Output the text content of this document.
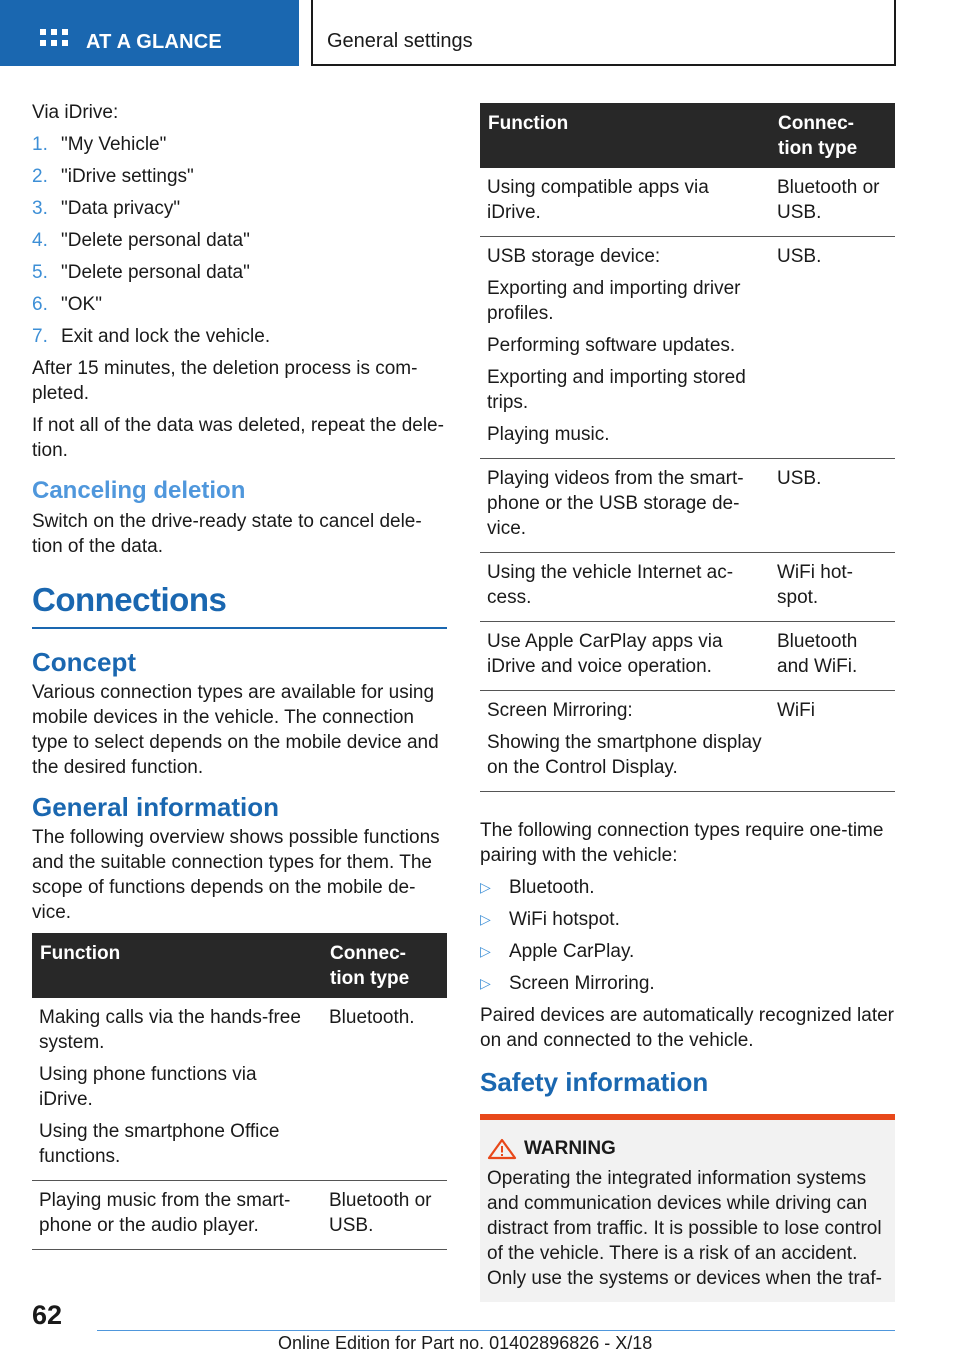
AT A GLANCE	General settings
Via iDrive:
1. "My Vehicle"
2. "iDrive settings"
3. "Data privacy"
4. "Delete personal data"
5. "Delete personal data"
6. "OK"
7. Exit and lock the vehicle.
After 15 minutes, the deletion process is com-pleted.
If not all of the data was deleted, repeat the dele-tion.
Canceling deletion
Switch on the drive-ready state to cancel dele-tion of the data.
Connections
Concept
Various connection types are available for using mobile devices in the vehicle. The connection type to select depends on the mobile device and the desired function.
General information
The following overview shows possible functions and the suitable connection types for them. The scope of functions depends on the mobile de-vice.
Function	Connec-tion type

Making calls via the hands-free system.
Using phone functions via iDrive.
Using the smartphone Office functions.	Bluetooth.

Playing music from the smart-phone or the audio player.	Bluetooth or USB.
Function	Connec-tion type

Using compatible apps via iDrive.	Bluetooth or USB.

USB storage device:
Exporting and importing driver profiles.
Performing software updates.
Exporting and importing stored trips.
Playing music.	USB.

Playing videos from the smart-phone or the USB storage de-vice.	USB.

Using the vehicle Internet ac-cess.	WiFi hot-spot.

Use Apple CarPlay apps via iDrive and voice operation.	Bluetooth and WiFi.

Screen Mirroring:
Showing the smartphone display on the Control Display.	WiFi
The following connection types require one-time pairing with the vehicle:
▷ Bluetooth.
▷ WiFi hotspot.
▷ Apple CarPlay.
▷ Screen Mirroring.
Paired devices are automatically recognized later on and connected to the vehicle.
Safety information
WARNING
Operating the integrated information systems and communication devices while driving can distract from traffic. It is possible to lose control of the vehicle. There is a risk of an accident. Only use the systems or devices when the traf-
62
Online Edition for Part no. 01402896826 - X/18
